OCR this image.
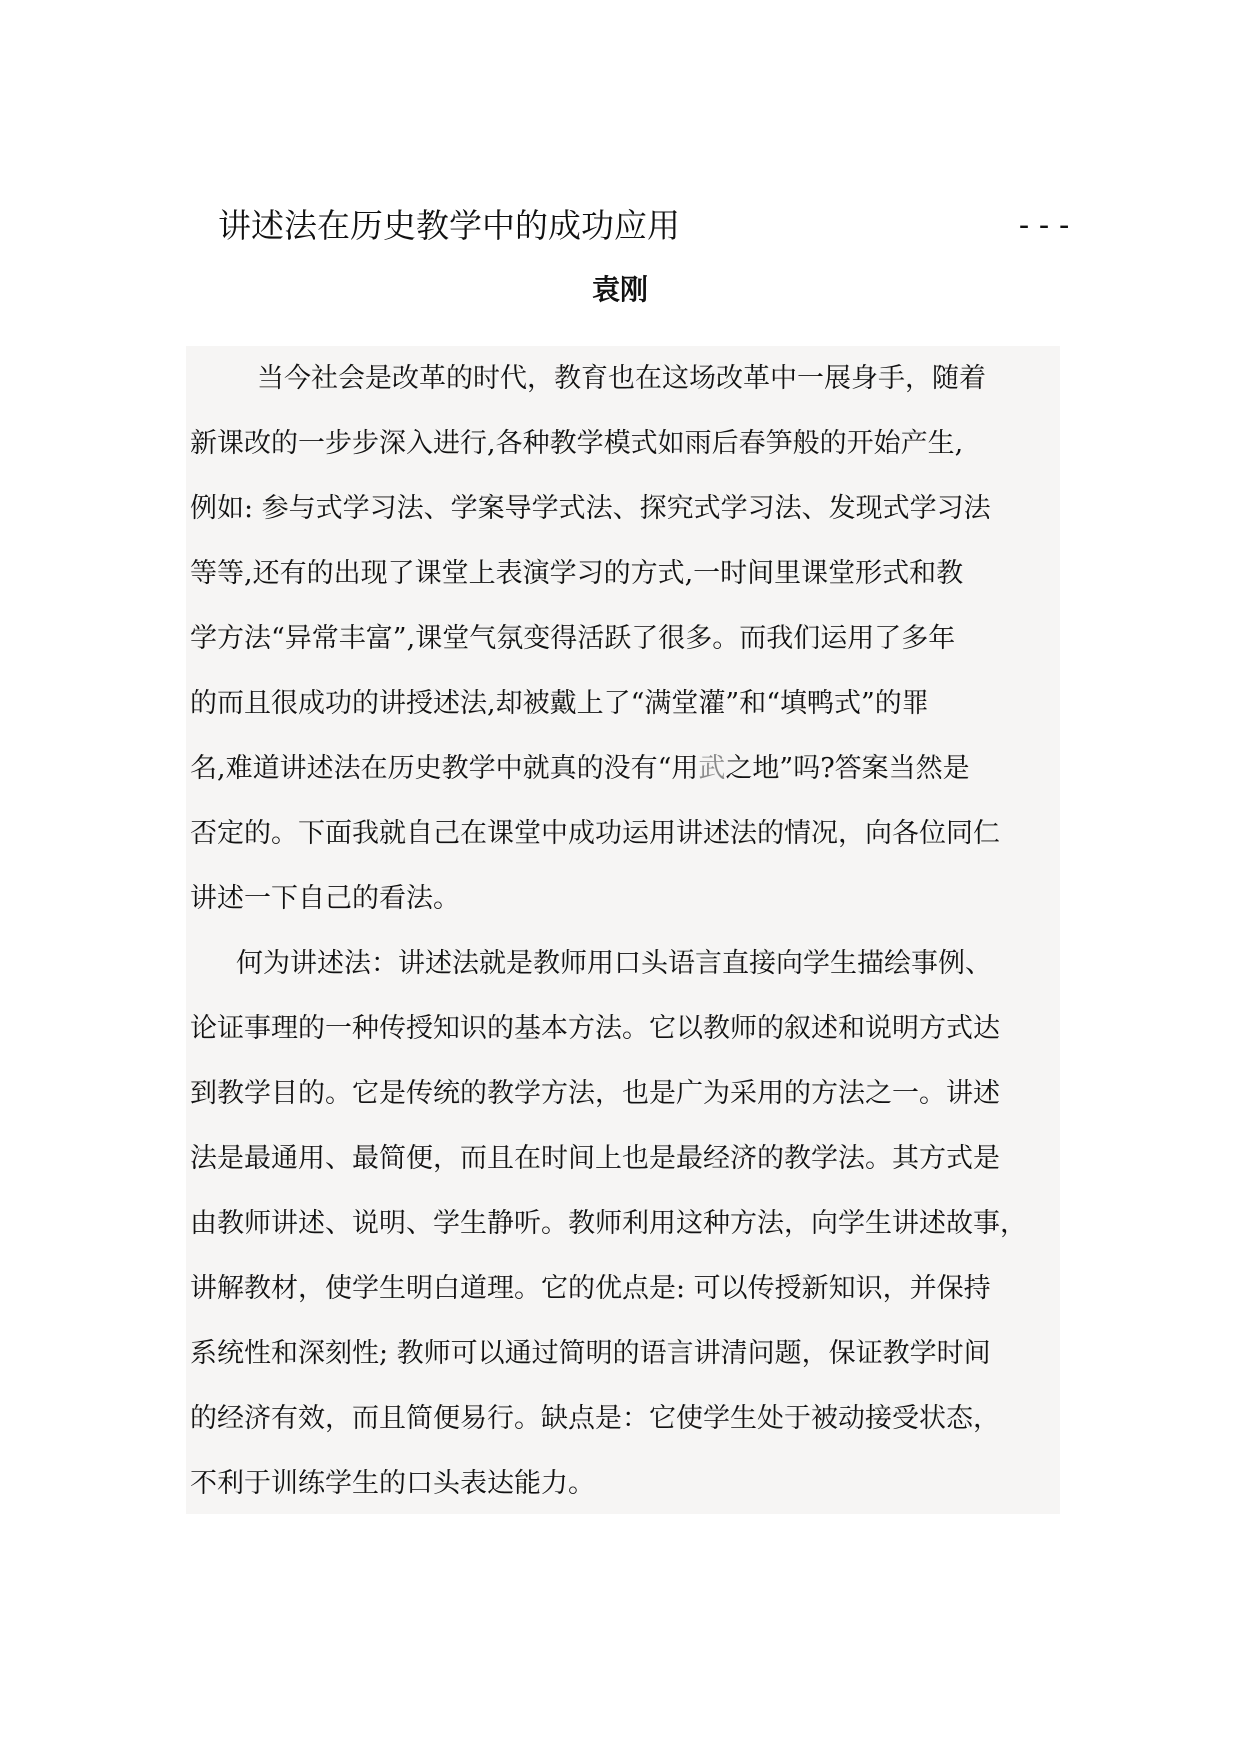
讲述法在历史教学中的成功应用	---
袁刚

　当今社会是改革的时代，教育也在这场改革中一展身手，随着

新课改的一步步深入进行,各种教学模式如雨后春笋般的开始产生,
例如: 参与式学习法、学案导学式法、探究式学习法、发现式学习法
等等,还有的出现了课堂上表演学习的方式,一时间里课堂形式和教
学方法“异常丰富”,课堂气氛变得活跃了很多。而我们运用了多年
的而且很成功的讲授述法,却被戴上了“满堂灌”和“填鸭式”的罪
名,难道讲述法在历史教学中就真的没有“用武之地”吗?答案当然是
否定的。下面我就自己在课堂中成功运用讲述法的情况，向各位同仁
讲述一下自己的看法。

何为讲述法：讲述法就是教师用口头语言直接向学生描绘事例、

论证事理的一种传授知识的基本方法。它以教师的叙述和说明方式达
到教学目的。它是传统的教学方法，也是广为采用的方法之一。讲述
法是最通用、最简便，而且在时间上也是最经济的教学法。其方式是
由教师讲述、说明、学生静听。教师利用这种方法，向学生讲述故事，
讲解教材，使学生明白道理。它的优点是: 可以传授新知识，并保持
系统性和深刻性; 教师可以通过简明的语言讲清问题，保证教学时间
的经济有效，而且简便易行。缺点是：它使学生处于被动接受状态，
不利于训练学生的口头表达能力。
